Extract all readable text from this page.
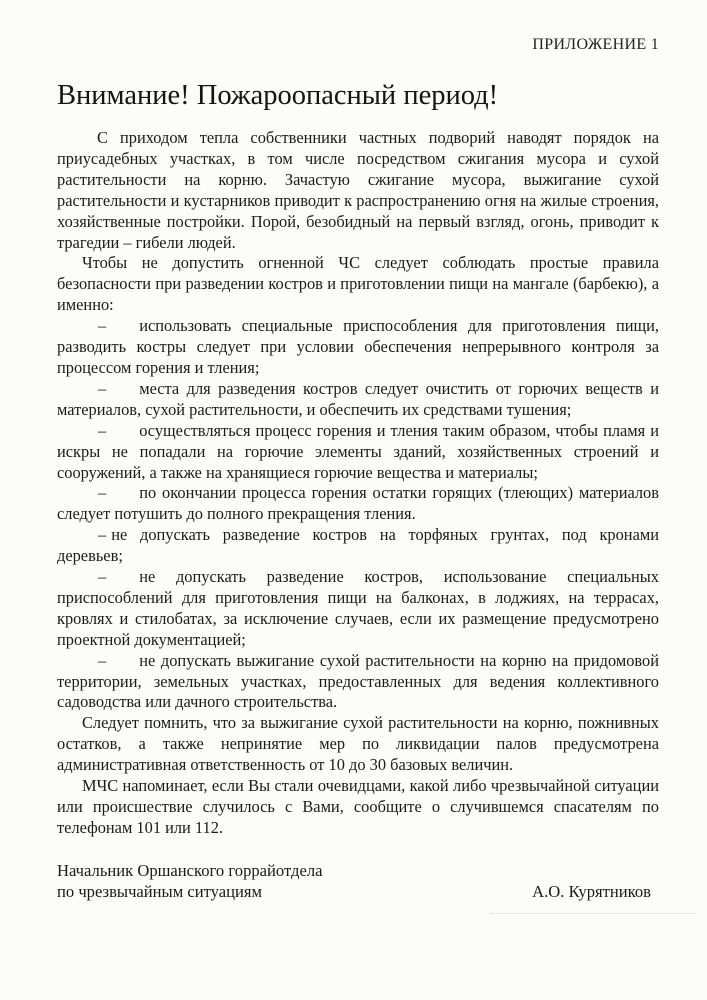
ПРИЛОЖЕНИЕ 1
Внимание! Пожароопасный период!

С приходом тепла собственники частных подворий наводят порядок на приусадебных участках, в том числе посредством сжигания мусора и сухой растительности на корню. Зачастую сжигание мусора, выжигание сухой растительности и кустарников приводит к распространению огня на жилые строения, хозяйственные постройки. Порой, безобидный на первый взгляд, огонь, приводит к трагедии – гибели людей.

Чтобы не допустить огненной ЧС следует соблюдать простые правила безопасности при разведении костров и приготовлении пищи на мангале (барбекю), а именно:

– использовать специальные приспособления для приготовления пищи, разводить костры следует при условии обеспечения непрерывного контроля за процессом горения и тления;

– места для разведения костров следует очистить от горючих веществ и материалов, сухой растительности, и обеспечить их средствами тушения;

– осуществляться процесс горения и тления таким образом, чтобы пламя и искры не попадали на горючие элементы зданий, хозяйственных строений и сооружений, а также на хранящиеся горючие вещества и материалы;

– по окончании процесса горения остатки горящих (тлеющих) материалов следует потушить до полного прекращения тления.

– не допускать разведение костров на торфяных грунтах, под кронами деревьев;

– не допускать разведение костров, использование специальных приспособлений для приготовления пищи на балконах, в лоджиях, на террасах, кровлях и стилобатах, за исключение случаев, если их размещение предусмотрено проектной документацией;

– не допускать выжигание сухой растительности на корню на придомовой территории, земельных участках, предоставленных для ведения коллективного садоводства или дачного строительства.

Следует помнить, что за выжигание сухой растительности на корню, пожнивных остатков, а также непринятие мер по ликвидации палов предусмотрена административная ответственность от 10 до 30 базовых величин.

МЧС напоминает, если Вы стали очевидцами, какой либо чрезвычайной ситуации или происшествие случилось с Вами, сообщите о случившемся спасателям по телефонам 101 или 112.

Начальник Оршанского горрайотдела
по чрезвычайным ситуациям	А.О. Курятников
